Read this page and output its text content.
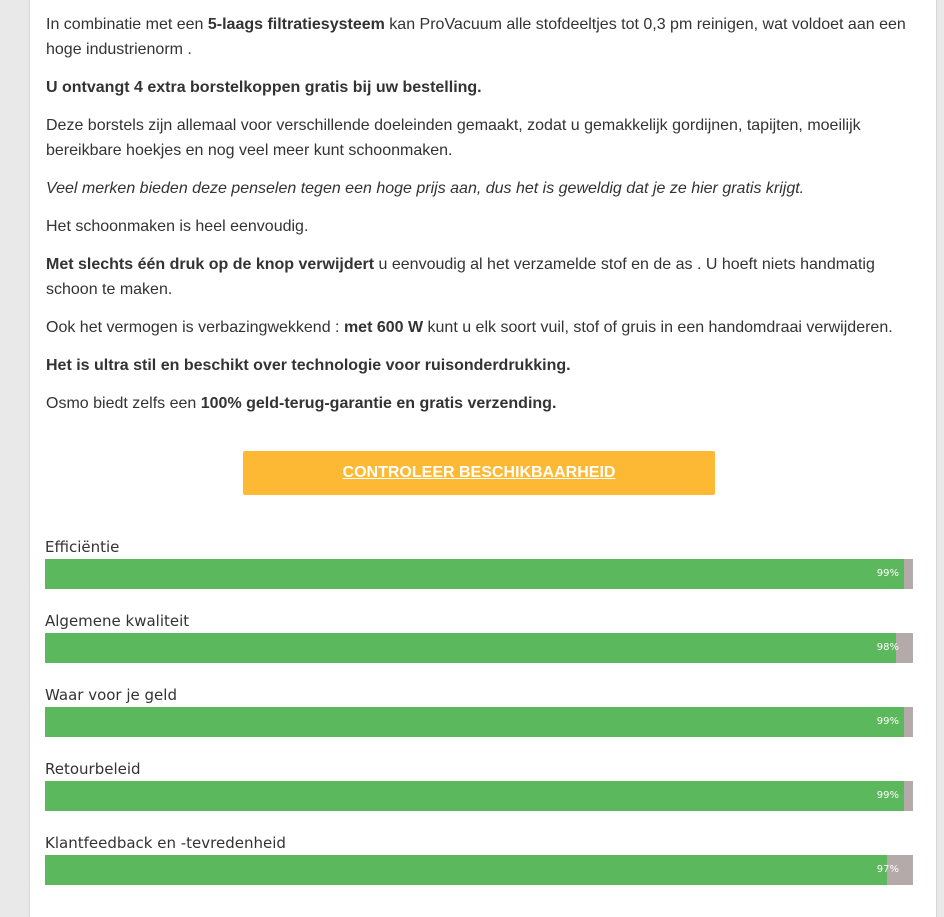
In combinatie met een 5-laags filtratiesysteem kan ProVacuum alle stofdeeltjes tot 0,3 pm reinigen, wat voldoet aan een hoge industrienorm .

U ontvangt 4 extra borstelkoppen gratis bij uw bestelling.

Deze borstels zijn allemaal voor verschillende doeleinden gemaakt, zodat u gemakkelijk gordijnen, tapijten, moeilijk bereikbare hoekjes en nog veel meer kunt schoonmaken.

Veel merken bieden deze penselen tegen een hoge prijs aan, dus het is geweldig dat je ze hier gratis krijgt.

Het schoonmaken is heel eenvoudig.

Met slechts één druk op de knop verwijdert u eenvoudig al het verzamelde stof en de as . U hoeft niets handmatig schoon te maken.

Ook het vermogen is verbazingwekkend : met 600 W kunt u elk soort vuil, stof of gruis in een handomdraai verwijderen.

Het is ultra stil en beschikt over technologie voor ruisonderdrukking.

Osmo biedt zelfs een 100% geld-terug-garantie en gratis verzending.

CONTROLEER BESCHIKBAARHEID
Efficiëntie
99%
Algemene kwaliteit
98%
Waar voor je geld
99%
Retourbeleid
99%
Klantfeedback en -tevredenheid
97%
